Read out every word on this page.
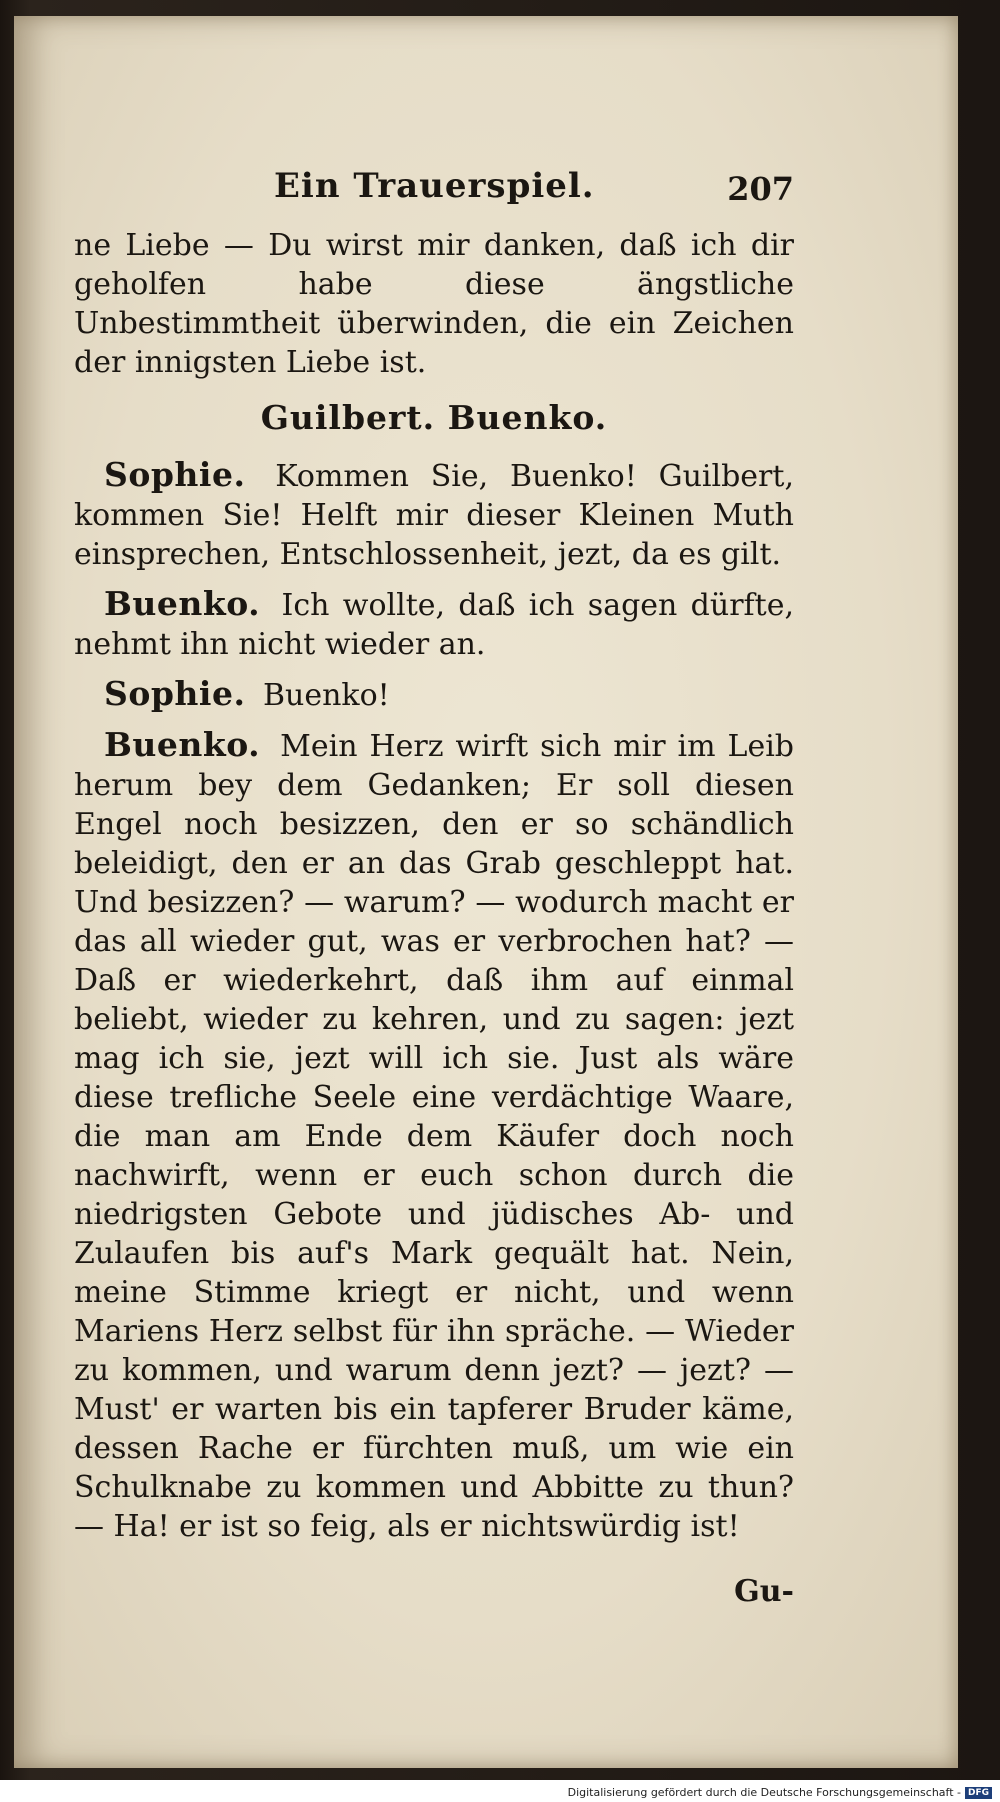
Ein Trauerspiel.	207

ne Liebe — Du wirst mir danken, daß ich dir geholfen habe diese ängstliche Unbestimmtheit überwinden, die ein Zeichen der innigsten Liebe ist.

Guilbert. Buenko.

Sophie. Kommen Sie, Buenko! Guilbert, kommen Sie! Helft mir dieser Kleinen Muth einsprechen, Entschlossenheit, jezt, da es gilt.

Buenko. Ich wollte, daß ich sagen dürfte, nehmt ihn nicht wieder an.

Sophie. Buenko!

Buenko. Mein Herz wirft sich mir im Leib herum bey dem Gedanken; Er soll diesen Engel noch besizzen, den er so schändlich beleidigt, den er an das Grab geschleppt hat. Und besizzen? — warum? — wodurch macht er das all wieder gut, was er verbrochen hat? — Daß er wiederkehrt, daß ihm auf einmal beliebt, wieder zu kehren, und zu sagen: jezt mag ich sie, jezt will ich sie. Just als wäre diese trefliche Seele eine verdächtige Waare, die man am Ende dem Käufer doch noch nachwirft, wenn er euch schon durch die niedrigsten Gebote und jüdisches Ab- und Zulaufen bis auf's Mark gequält hat. Nein, meine Stimme kriegt er nicht, und wenn Mariens Herz selbst für ihn spräche. — Wieder zu kommen, und warum denn jezt? — jezt? — Must' er warten bis ein tapferer Bruder käme, dessen Rache er fürchten muß, um wie ein Schulknabe zu kommen und Abbitte zu thun? — Ha! er ist so feig, als er nichtswürdig ist!

Gu-
Digitalisierung gefördert durch die Deutsche Forschungsgemeinschaft - DFG
